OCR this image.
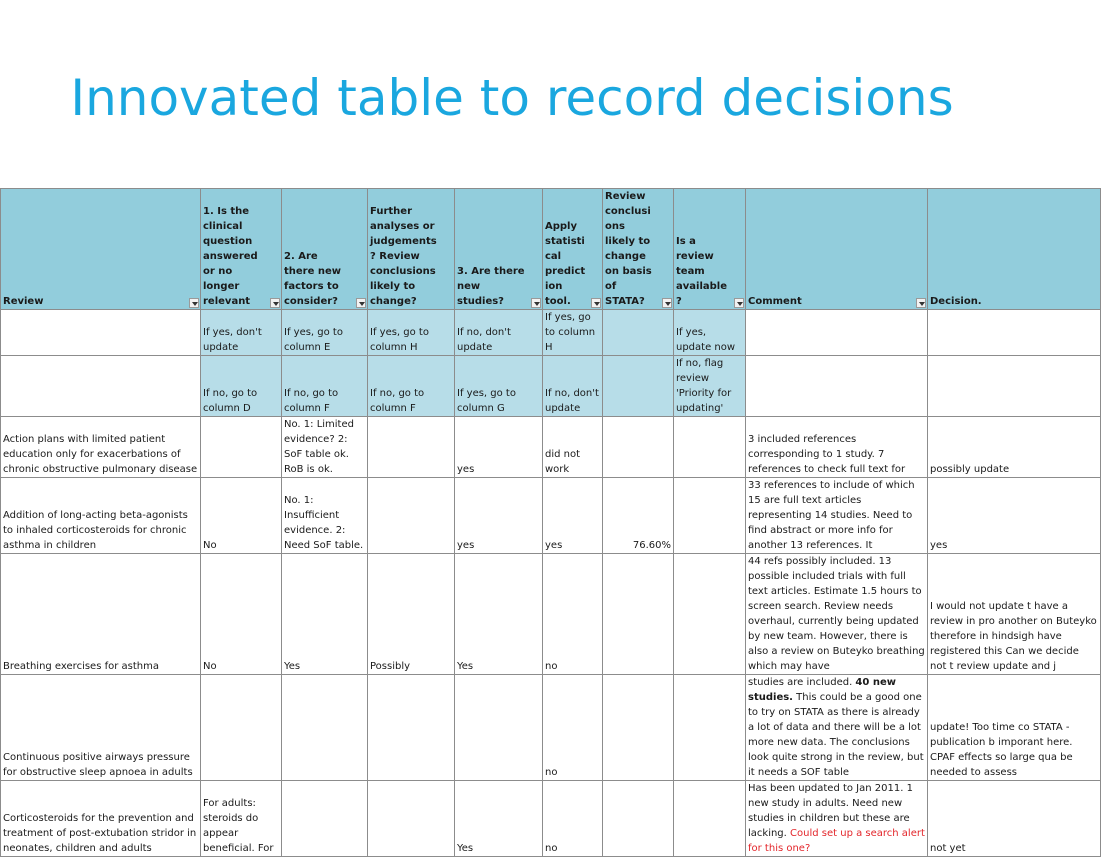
Innovated table to record decisions
Review	1. Is the clinical question answered or no longer relevant	2. Are there new factors to consider?	Further analyses or judgements? Review conclusions likely to change?	3. Are there new studies?	Apply statistical prediction tool.	Review conclusions likely to change on basis of STATA?	Is a review team available?	Comment	Decision.

	If yes, don't update	If yes, go to column E	If yes, go to column H	If no, don't update	If yes, go to column H		If yes, update now		
	If no, go to column D	If no, go to column F	If no, go to column F	If yes, go to column G	If no, don't update		If no, flag review 'Priority for updating'		
Action plans with limited patient education only for exacerbations of chronic obstructive pulmonary disease		No. 1: Limited evidence? 2: SoF table ok. RoB is ok.		yes	did not work			3 included references corresponding to 1 study. 7 references to check full text for	possibly update
Addition of long-acting beta-agonists to inhaled corticosteroids for chronic asthma in children	No	No. 1: Insufficient evidence. 2: Need SoF table.		yes	yes	76.60%		33 references to include of which 15 are full text articles representing 14 studies. Need to find abstract or more info for another 13 references. It	yes
Breathing exercises for asthma	No	Yes	Possibly	Yes	no			44 refs possibly included. 13 possible included trials with full text articles. Estimate 1.5 hours to screen search. Review needs overhaul, currently being updated by new team. However, there is also a review on Buteyko breathing which may have	I would not update t have a review in pro another on Buteyko therefore in hindsigh have registered this Can we decide not t review update and j
Continuous positive airways pressure for obstructive sleep apnoea in adults					no			studies are included. 40 new studies. This could be a good one to try on STATA as there is already a lot of data and there will be a lot more new data. The conclusions look quite strong in the review, but it needs a SOF table	update! Too time co STATA - publication b imporant here. CPAF effects so large qua be needed to assess
Corticosteroids for the prevention and treatment of post-extubation stridor in neonates, children and adults	For adults: steroids do appear beneficial. For			Yes	no			Has been updated to Jan 2011. 1 new study in adults. Need new studies in children but these are lacking. Could set up a search alert for this one?	not yet
